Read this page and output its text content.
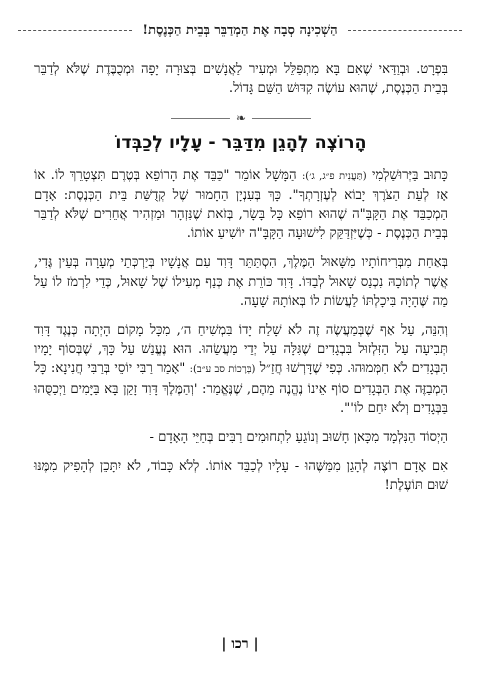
הַשְׁכִינָה סְבָה אֶת הַמְדַבֵּר בְּבֵית הַכְּנֶסֶת!

בִּפְרָט. וּבְוַדַּאי שֶׁאִם בָּא מִתְפַּלֵּל וּמְעִיר לַאֲנָשִׁים בְּצוּרָה יָפָה וּמְכֻבֶּדֶת שֶׁלֹּא לְדַבֵּר בְּבֵית הַכְּנֶסֶת, שֶׁהוּא עוֹשֶׂה קִדּוּשׁ הַשֵּׁם גָּדוֹל.

❧
הָרוֹצֶה לְהָגֵן מִדַּבֵּר - עָלָיו לְכַבְּדוֹ

כָּתוּב בַּיְּרוּשַׁלְמִי (תַּעֲנִית פ״ג, ג׳): הַמָּשָׁל אוֹמֵר "כַּבֵּד אֶת הָרוֹפֵא בְּטֶרֶם תִּצְטָרֵךְ לוֹ. אוֹ אָז לְעֵת הַצֹּרֶךְ יָבוֹא לְעֶזְרָתְךָ". כָּךְ בְּעִנְיָן הַחָמוּר שֶׁל קְדֻשַּׁת בֵּית הַכְּנֶסֶת: אָדָם הַמְכַבֵּד אֶת הַקָּבָּ"ה שֶׁהוּא רוֹפֵא כָּל בָּשָׂר, בְּזֹאת שֶׁנִּזְהָר וּמַזְהִיר אֲחֵרִים שֶׁלֹּא לְדַבֵּר בְּבֵית הַכְּנֶסֶת - כְּשֶׁיִּזְדַּקֵּק לִישׁוּעָה הַקָּבָּ"ה יוֹשִׁיעַ אוֹתוֹ.

בְּאַחַת מִבְּרִיחוֹתָיו מִשָּׁאוּל הַמֶּלֶךְ, הִסְתַּתֵּר דָּוִד עִם אֲנָשָׁיו בְּיַרְכְּתֵי מְעָרָה בְּעֵין גֶּדִי, אֲשֶׁר לְתוֹכָהּ נִכְנַס שָׁאוּל לְבַדּוֹ. דָּוִד כּוֹרֵת אֶת כְּנַף מְעִילוֹ שֶׁל שָׁאוּל, כְּדֵי לִרְמֹז לוֹ עַל מַה שֶּׁהָיָה בִּיכָלְתּוֹ לַעֲשׂוֹת לוֹ בְּאוֹתָהּ שָׁעָה.

וְהִנֵּה, עַל אַף שֶׁבְּמַעֲשֶׂה זֶה לֹא שָׁלַח יָדוֹ בִּמְשִׁיחַ ה׳, מִכָּל מָקוֹם הָיְתָה כְּנֶגֶד דָּוִד תְּבִיעָה עַל הַזִּלְזוּל בִּבְגָדִים שֶׁגִּלָּה עַל יְדֵי מַעֲשֵׂהוּ. הוּא נֶעֱנַשׁ עַל כָּךְ, שֶׁבְּסוֹף יָמָיו הַבְּגָדִים לֹא חִמְּמוּהוּ. כְּפִי שֶׁדָּרְשׁוּ חֲזַ״ל (בְּרָכוֹת סב ע״ב): "אָמַר רַבִּי יוֹסֵי בְּרַבִּי חֲנִינָא: כָּל הַמְבַזֶּה אֶת הַבְּגָדִים סוֹף אֵינוֹ נֶהֱנֶה מֵהֶם, שֶׁנֶּאֱמַר: 'וְהַמֶּלֶךְ דָּוִד זָקֵן בָּא בַּיָּמִים וַיְכַסֻּהוּ בַּבְּגָדִים וְלֹא יִחַם לוֹ'".

הַיְסוֹד הַנִּלְמָד מִכָּאן חָשׁוּב וְנוֹגֵעַ לִתְחוּמִים רַבִּים בְּחַיֵּי הָאָדָם -

אִם אָדָם רוֹצֶה לְהָגֵן מִמַּשֶּׁהוּ - עָלָיו לְכַבֵּד אוֹתוֹ. לְלֹא כָּבוֹד, לֹא יִתָּכֵן לְהָפִיק מִמֶּנּוּ שׁוּם תּוֹעֶלֶת!

| רכו |
